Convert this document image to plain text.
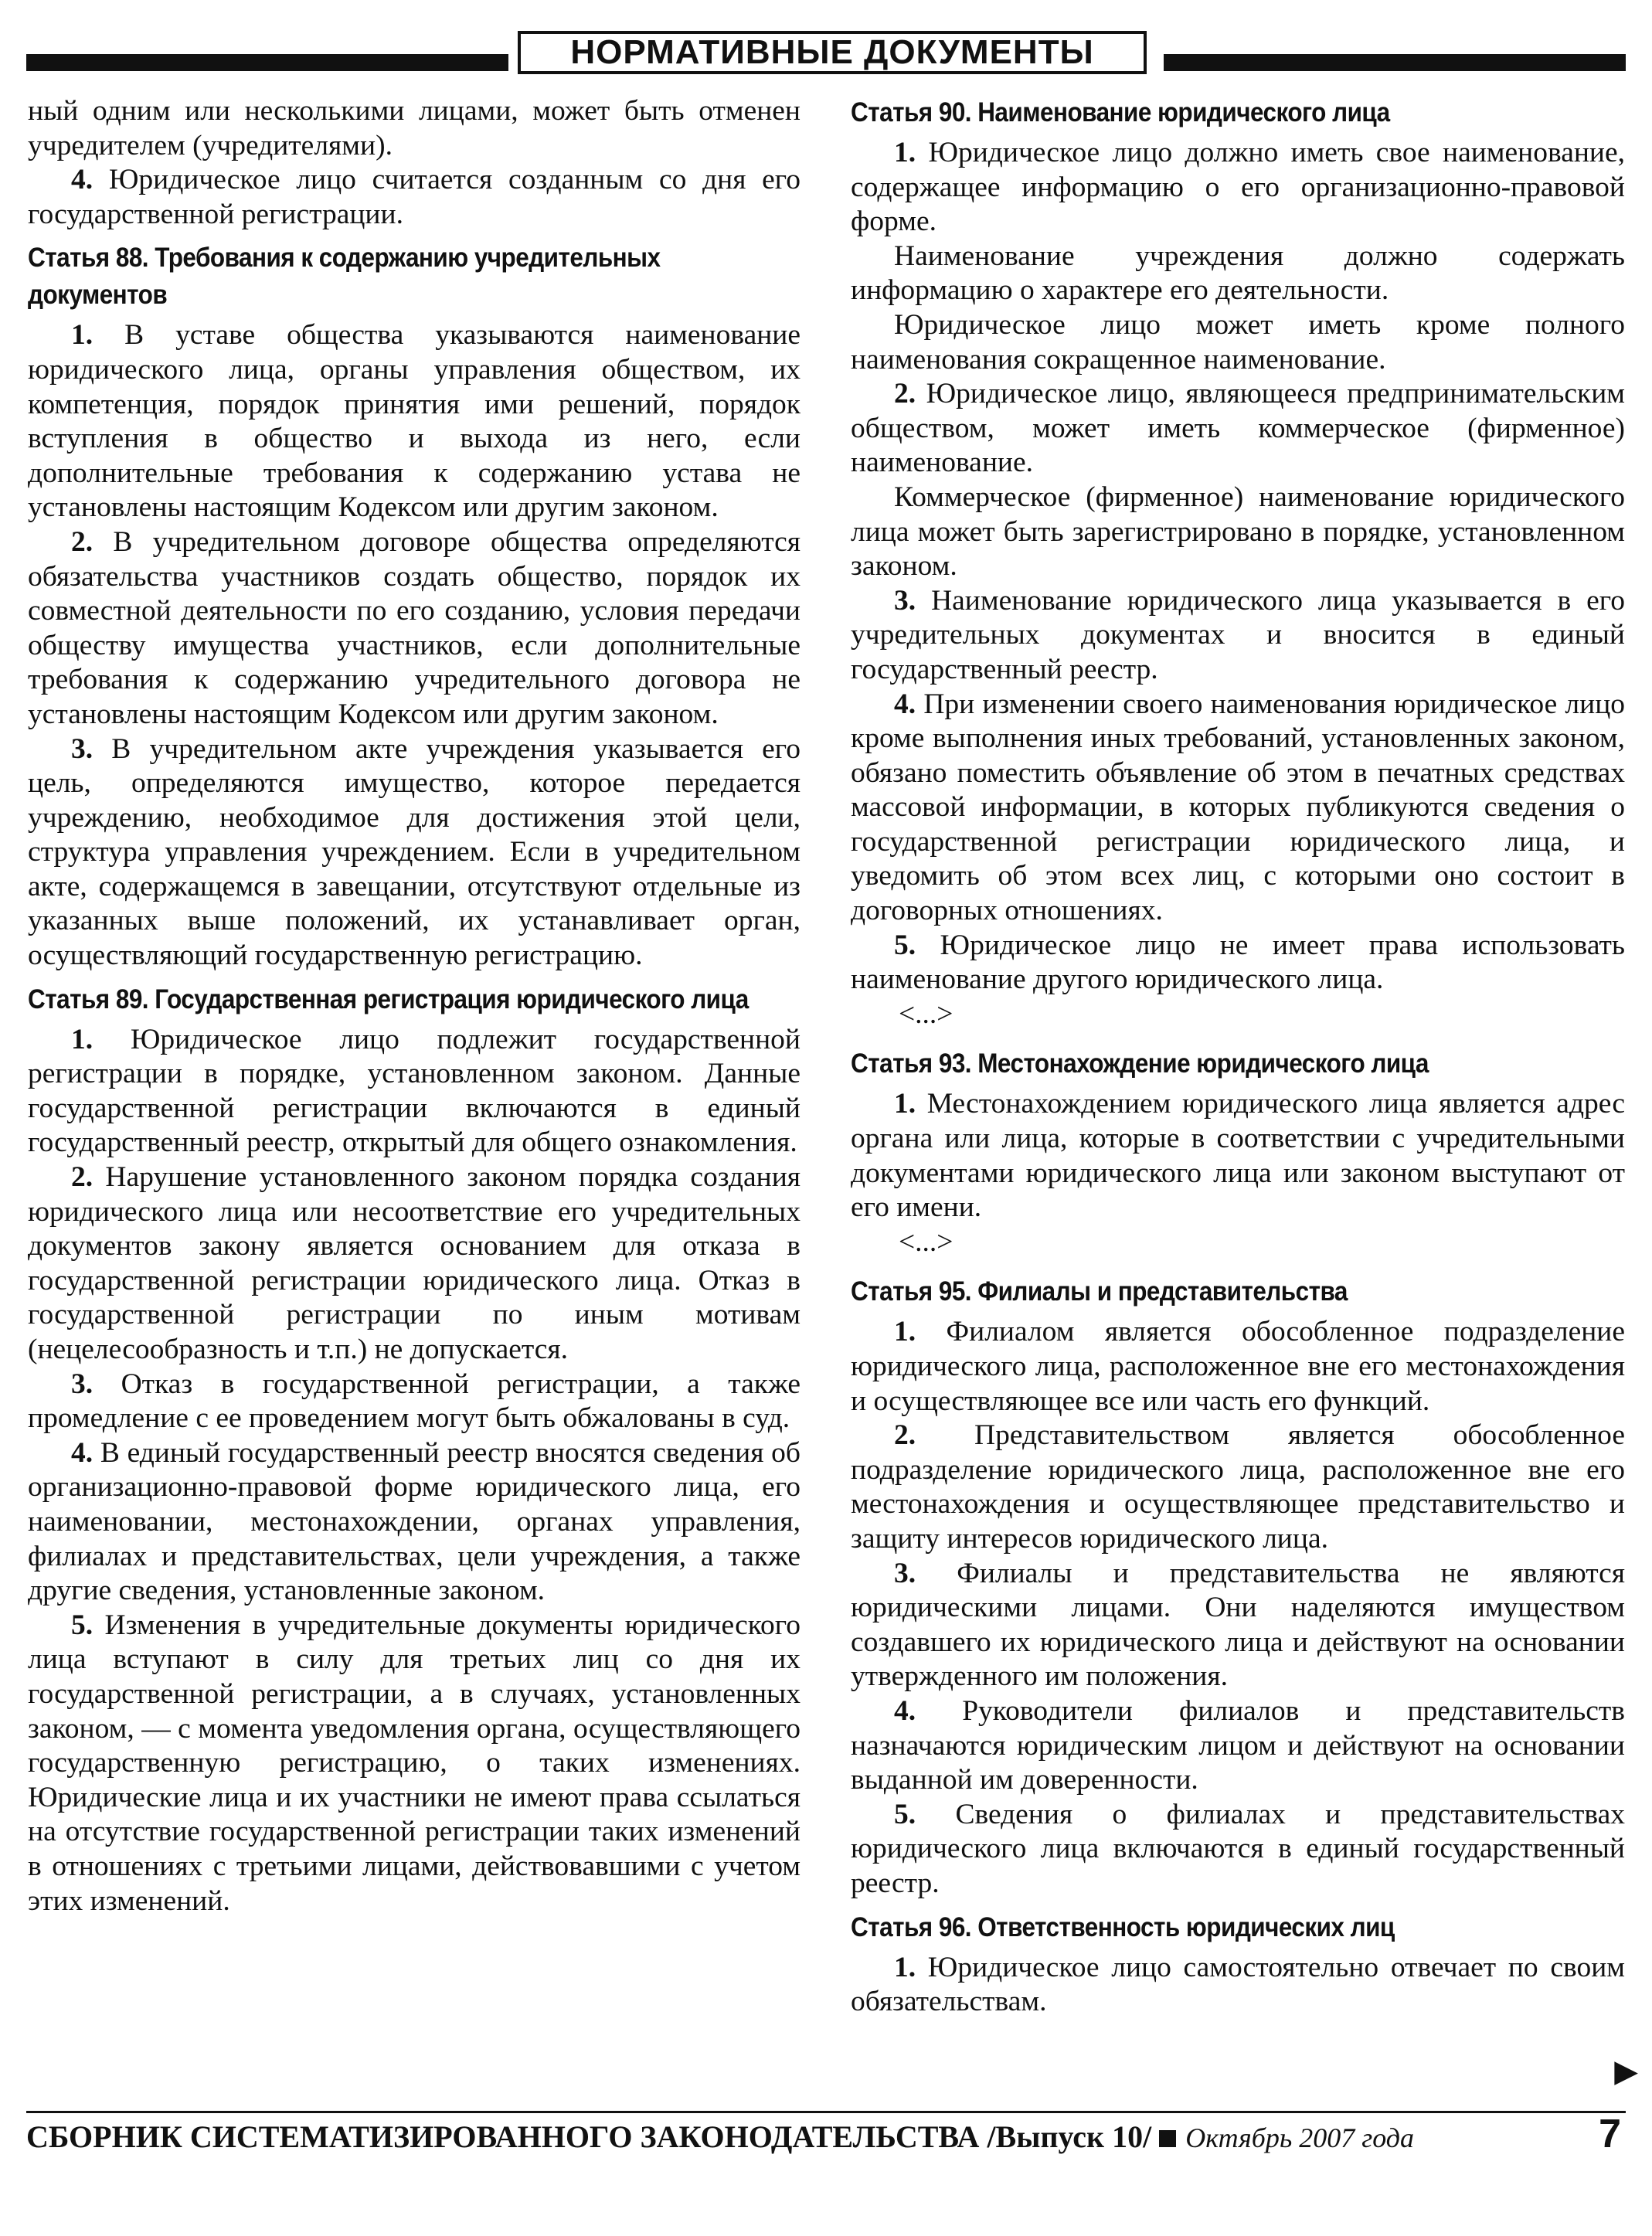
НОРМАТИВНЫЕ ДОКУМЕНТЫ

ный одним или несколькими лицами, может быть отменен учредителем (учредителями).

4. Юридическое лицо считается созданным со дня его государственной регистрации.

Статья 88. Требования к содержанию учредительных документов

1. В уставе общества указываются наименование юридического лица, органы управления обществом, их компетенция, порядок принятия ими решений, порядок вступления в общество и выхода из него, если дополнительные требования к содержанию устава не установлены настоящим Кодексом или другим законом.

2. В учредительном договоре общества определяются обязательства участников создать общество, порядок их совместной деятельности по его созданию, условия передачи обществу имущества участников, если дополнительные требования к содержанию учредительного договора не установлены настоящим Кодексом или другим законом.

3. В учредительном акте учреждения указывается его цель, определяются имущество, которое передается учреждению, необходимое для достижения этой цели, структура управления учреждением. Если в учредительном акте, содержащемся в завещании, отсутствуют отдельные из указанных выше положений, их устанавливает орган, осуществляющий государственную регистрацию.

Статья 89. Государственная регистрация юридического лица

1. Юридическое лицо подлежит государственной регистрации в порядке, установленном законом. Данные государственной регистрации включаются в единый государственный реестр, открытый для общего ознакомления.

2. Нарушение установленного законом порядка создания юридического лица или несоответствие его учредительных документов закону является основанием для отказа в государственной регистрации юридического лица. Отказ в государственной регистрации по иным мотивам (нецелесообразность и т.п.) не допускается.

3. Отказ в государственной регистрации, а также промедление с ее проведением могут быть обжалованы в суд.

4. В единый государственный реестр вносятся сведения об организационно-правовой форме юридического лица, его наименовании, местонахождении, органах управления, филиалах и представительствах, цели учреждения, а также другие сведения, установленные законом.

5. Изменения в учредительные документы юридического лица вступают в силу для третьих лиц со дня их государственной регистрации, а в случаях, установленных законом, — с момента уведомления органа, осуществляющего государственную регистрацию, о таких изменениях. Юридические лица и их участники не имеют права ссылаться на отсутствие государственной регистрации таких изменений в отношениях с третьими лицами, действовавшими с учетом этих изменений.

Статья 90. Наименование юридического лица

1. Юридическое лицо должно иметь свое наименование, содержащее информацию о его организационно-правовой форме.

Наименование учреждения должно содержать информацию о характере его деятельности.

Юридическое лицо может иметь кроме полного наименования сокращенное наименование.

2. Юридическое лицо, являющееся предпринимательским обществом, может иметь коммерческое (фирменное) наименование.

Коммерческое (фирменное) наименование юридического лица может быть зарегистрировано в порядке, установленном законом.

3. Наименование юридического лица указывается в его учредительных документах и вносится в единый государственный реестр.

4. При изменении своего наименования юридическое лицо кроме выполнения иных требований, установленных законом, обязано поместить объявление об этом в печатных средствах массовой информации, в которых публикуются сведения о государственной регистрации юридического лица, и уведомить об этом всех лиц, с которыми оно состоит в договорных отношениях.

5. Юридическое лицо не имеет права использовать наименование другого юридического лица.

<...>

Статья 93. Местонахождение юридического лица

1. Местонахождением юридического лица является адрес органа или лица, которые в соответствии с учредительными документами юридического лица или законом выступают от его имени.

<...>

Статья 95. Филиалы и представительства

1. Филиалом является обособленное подразделение юридического лица, расположенное вне его местонахождения и осуществляющее все или часть его функций.

2. Представительством является обособленное подразделение юридического лица, расположенное вне его местонахождения и осуществляющее представительство и защиту интересов юридического лица.

3. Филиалы и представительства не являются юридическими лицами. Они наделяются имуществом создавшего их юридического лица и действуют на основании утвержденного им положения.

4. Руководители филиалов и представительств назначаются юридическим лицом и действуют на основании выданной им доверенности.

5. Сведения о филиалах и представительствах юридического лица включаются в единый государственный реестр.

Статья 96. Ответственность юридических лиц

1. Юридическое лицо самостоятельно отвечает по своим обязательствам.

▶
СБОРНИК СИСТЕМАТИЗИРОВАННОГО ЗАКОНОДАТЕЛЬСТВА /Выпуск 10/ Октябрь 2007 года	7
